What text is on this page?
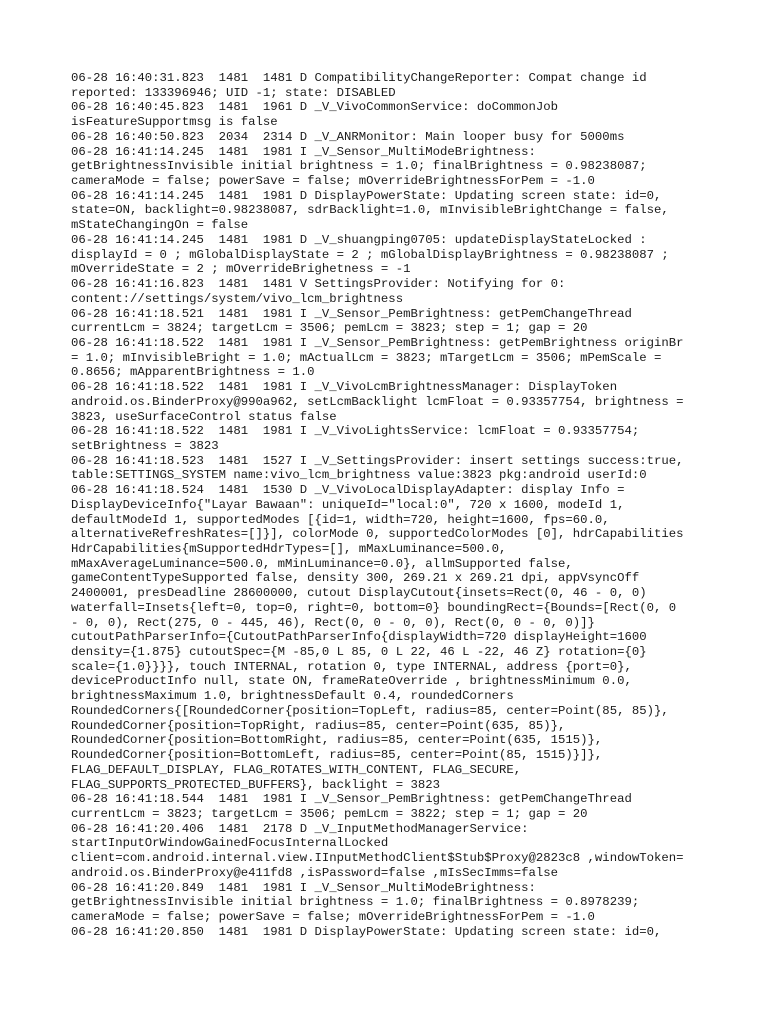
06-28 16:40:31.823  1481  1481 D CompatibilityChangeReporter: Compat change id
reported: 133396946; UID -1; state: DISABLED
06-28 16:40:45.823  1481  1961 D _V_VivoCommonService: doCommonJob
isFeatureSupportmsg is false
06-28 16:40:50.823  2034  2314 D _V_ANRMonitor: Main looper busy for 5000ms
06-28 16:41:14.245  1481  1981 I _V_Sensor_MultiModeBrightness:
getBrightnessInvisible initial brightness = 1.0; finalBrightness = 0.98238087;
cameraMode = false; powerSave = false; mOverrideBrightnessForPem = -1.0
06-28 16:41:14.245  1481  1981 D DisplayPowerState: Updating screen state: id=0,
state=ON, backlight=0.98238087, sdrBacklight=1.0, mInvisibleBrightChange = false,
mStateChangingOn = false
06-28 16:41:14.245  1481  1981 D _V_shuangping0705: updateDisplayStateLocked :
displayId = 0 ; mGlobalDisplayState = 2 ; mGlobalDisplayBrightness = 0.98238087 ;
mOverrideState = 2 ; mOverrideBrighetness = -1
06-28 16:41:16.823  1481  1481 V SettingsProvider: Notifying for 0:
content://settings/system/vivo_lcm_brightness
06-28 16:41:18.521  1481  1981 I _V_Sensor_PemBrightness: getPemChangeThread
currentLcm = 3824; targetLcm = 3506; pemLcm = 3823; step = 1; gap = 20
06-28 16:41:18.522  1481  1981 I _V_Sensor_PemBrightness: getPemBrightness originBr
= 1.0; mInvisibleBright = 1.0; mActualLcm = 3823; mTargetLcm = 3506; mPemScale =
0.8656; mApparentBrightness = 1.0
06-28 16:41:18.522  1481  1981 I _V_VivoLcmBrightnessManager: DisplayToken
android.os.BinderProxy@990a962, setLcmBacklight lcmFloat = 0.93357754, brightness =
3823, useSurfaceControl status false
06-28 16:41:18.522  1481  1981 I _V_VivoLightsService: lcmFloat = 0.93357754;
setBrightness = 3823
06-28 16:41:18.523  1481  1527 I _V_SettingsProvider: insert settings success:true,
table:SETTINGS_SYSTEM name:vivo_lcm_brightness value:3823 pkg:android userId:0
06-28 16:41:18.524  1481  1530 D _V_VivoLocalDisplayAdapter: display Info =
DisplayDeviceInfo{"Layar Bawaan": uniqueId="local:0", 720 x 1600, modeId 1,
defaultModeId 1, supportedModes [{id=1, width=720, height=1600, fps=60.0,
alternativeRefreshRates=[]}], colorMode 0, supportedColorModes [0], hdrCapabilities
HdrCapabilities{mSupportedHdrTypes=[], mMaxLuminance=500.0,
mMaxAverageLuminance=500.0, mMinLuminance=0.0}, allmSupported false,
gameContentTypeSupported false, density 300, 269.21 x 269.21 dpi, appVsyncOff
2400001, presDeadline 28600000, cutout DisplayCutout{insets=Rect(0, 46 - 0, 0)
waterfall=Insets{left=0, top=0, right=0, bottom=0} boundingRect={Bounds=[Rect(0, 0
- 0, 0), Rect(275, 0 - 445, 46), Rect(0, 0 - 0, 0), Rect(0, 0 - 0, 0)]}
cutoutPathParserInfo={CutoutPathParserInfo{displayWidth=720 displayHeight=1600
density={1.875} cutoutSpec={M -85,0 L 85, 0 L 22, 46 L -22, 46 Z} rotation={0}
scale={1.0}}}}, touch INTERNAL, rotation 0, type INTERNAL, address {port=0},
deviceProductInfo null, state ON, frameRateOverride , brightnessMinimum 0.0,
brightnessMaximum 1.0, brightnessDefault 0.4, roundedCorners
RoundedCorners{[RoundedCorner{position=TopLeft, radius=85, center=Point(85, 85)},
RoundedCorner{position=TopRight, radius=85, center=Point(635, 85)},
RoundedCorner{position=BottomRight, radius=85, center=Point(635, 1515)},
RoundedCorner{position=BottomLeft, radius=85, center=Point(85, 1515)}]},
FLAG_DEFAULT_DISPLAY, FLAG_ROTATES_WITH_CONTENT, FLAG_SECURE,
FLAG_SUPPORTS_PROTECTED_BUFFERS}, backlight = 3823
06-28 16:41:18.544  1481  1981 I _V_Sensor_PemBrightness: getPemChangeThread
currentLcm = 3823; targetLcm = 3506; pemLcm = 3822; step = 1; gap = 20
06-28 16:41:20.406  1481  2178 D _V_InputMethodManagerService:
startInputOrWindowGainedFocusInternalLocked
client=com.android.internal.view.IInputMethodClient$Stub$Proxy@2823c8 ,windowToken=
android.os.BinderProxy@e411fd8 ,isPassword=false ,mIsSecImms=false
06-28 16:41:20.849  1481  1981 I _V_Sensor_MultiModeBrightness:
getBrightnessInvisible initial brightness = 1.0; finalBrightness = 0.8978239;
cameraMode = false; powerSave = false; mOverrideBrightnessForPem = -1.0
06-28 16:41:20.850  1481  1981 D DisplayPowerState: Updating screen state: id=0,
